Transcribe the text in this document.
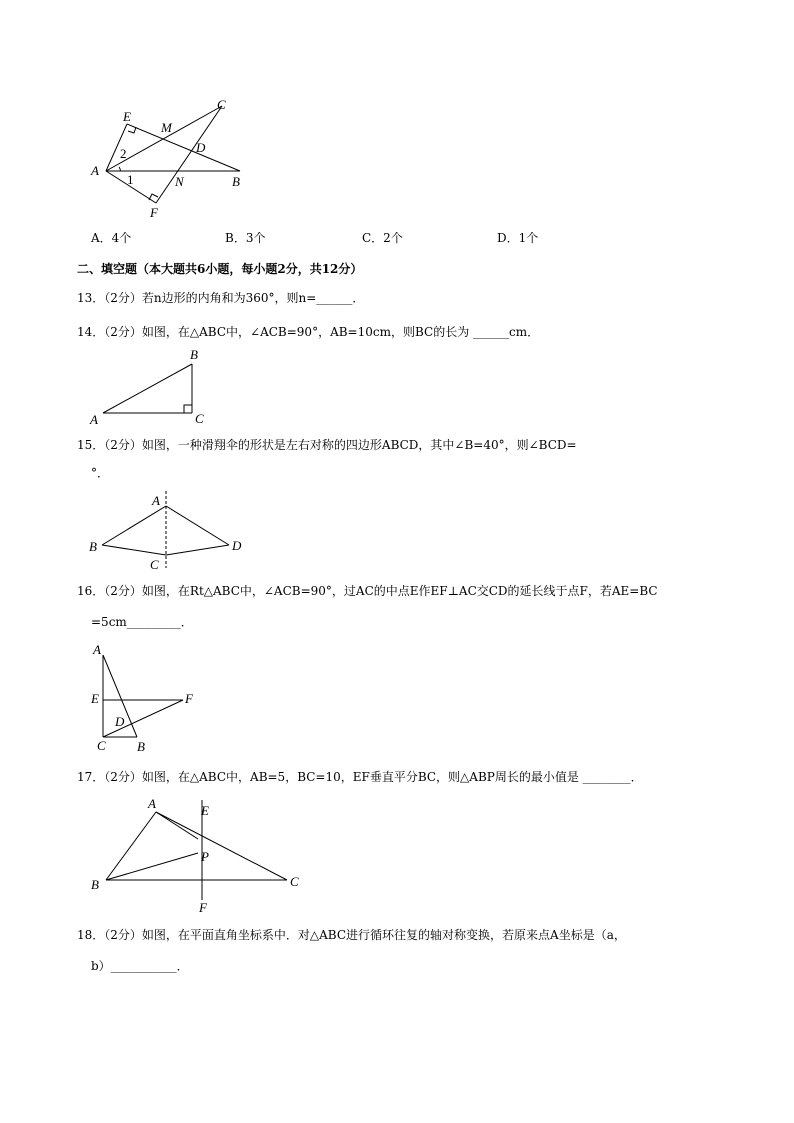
E
M
C
2	D
A
1	N	B
F
A．4个	B．3个	C．2个	D．1个
二、填空题（本大题共6小题，每小题2分，共12分）
13．（2分）若n边形的内角和为360°，则n=______．
14．（2分）如图，在△ABC中，∠ACB=90°，AB=10cm，则BC的长为 ______cm．
A
B
C
15．（2分）如图，一种滑翔伞的形状是左右对称的四边形ABCD，其中∠B=40°，则∠BCD=
°．
A
B
C
D
16．（2分）如图，在Rt△ABC中，∠ACB=90°，过AC的中点E作EF⊥AC交CD的延长线于点F，若AE=BC
=5cm_________．
A
E	F
D
C B
17．（2分）如图，在△ABC中，AB=5，BC=10，EF垂直平分BC，则△ABP周长的最小值是 ________．
A	E
P
B	C
F
18．（2分）如图，在平面直角坐标系中．对△ABC进行循环往复的轴对称变换，若原来点A坐标是（a，
b）___________．
